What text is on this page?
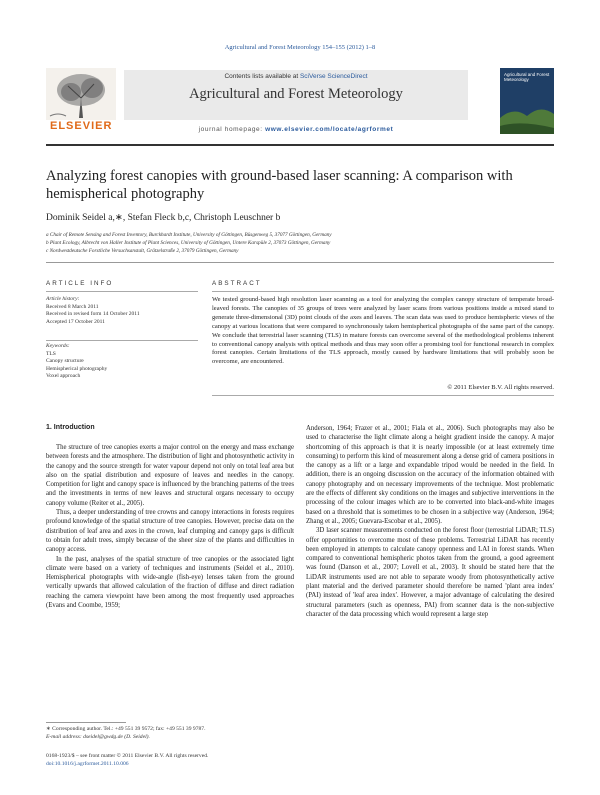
Agricultural and Forest Meteorology 154–155 (2012) 1–8
ELSEVIER
Contents lists available at SciVerse ScienceDirect
Agricultural and Forest Meteorology
journal homepage: www.elsevier.com/locate/agrformet
Agricultural and Forest Meteorology
Analyzing forest canopies with ground-based laser scanning: A comparison with hemispherical photography
Dominik Seidel a,∗, Stefan Fleck b,c, Christoph Leuschner b
a Chair of Remote Sensing and Forest Inventory, Burckhardt Institute, University of Göttingen, Büsgenweg 5, 37077 Göttingen, Germany
b Plant Ecology, Albrecht von Haller Institute of Plant Sciences, University of Göttingen, Untere Karspüle 2, 37073 Göttingen, Germany
c Nordwestdeutsche Forstliche Versuchsanstalt, Grätzelstraße 2, 37079 Göttingen, Germany
ARTICLE INFO
Article history:
Received 8 March 2011
Received in revised form 14 October 2011
Accepted 17 October 2011
Keywords:
TLS
Canopy structure
Hemispherical photography
Voxel approach
ABSTRACT
We tested ground-based high resolution laser scanning as a tool for analyzing the complex canopy structure of temperate broad-leaved forests. The canopies of 35 groups of trees were analyzed by laser scans from various positions inside a mixed stand to generate three-dimensional (3D) point clouds of the axes and leaves. The scan data was used to produce hemispheric views of the canopy at various locations that were compared to synchronously taken hemispherical photographs of the same part of the canopy. We conclude that terrestrial laser scanning (TLS) in mature forests can overcome several of the methodological problems inherent to conventional canopy analysis with optical methods and thus may soon offer a promising tool for functional research in complex forest canopies. Certain limitations of the TLS approach, mostly caused by hardware limitations that will probably soon be overcome, are encountered.
© 2011 Elsevier B.V. All rights reserved.
1. Introduction

The structure of tree canopies exerts a major control on the energy and mass exchange between forests and the atmosphere. The distribution of light and photosynthetic activity in the canopy and the source strength for water vapour depend not only on total leaf area but also on the spatial distribution and exposure of leaves and needles in the canopy. Competition for light and canopy space is influenced by the branching patterns of the trees and the investments in terms of new leaves and structural organs necessary to occupy canopy volume (Reiter et al., 2005).

Thus, a deeper understanding of tree crowns and canopy interactions in forests requires profound knowledge of the spatial structure of tree canopies. However, precise data on the distribution of leaf area and axes in the crown, leaf clumping and canopy gaps is difficult to obtain for adult trees, simply because of the sheer size of the plants and difficulties in canopy access.

In the past, analyses of the spatial structure of tree canopies or the associated light climate were based on a variety of techniques and instruments (Seidel et al., 2010). Hemispherical photographs with wide-angle (fish-eye) lenses taken from the ground vertically upwards that allowed calculation of the fraction of diffuse and direct radiation reaching the camera viewpoint have been among the most frequently used approaches (Evans and Coombe, 1959;

Anderson, 1964; Frazer et al., 2001; Fiala et al., 2006). Such photographs may also be used to characterise the light climate along a height gradient inside the canopy. A major shortcoming of this approach is that it is nearly impossible (or at least extremely time consuming) to perform this kind of measurement along a dense grid of camera positions in the canopy as a lift or a large and expandable tripod would be needed in the field. In addition, there is an ongoing discussion on the accuracy of the information obtained with canopy photography and on necessary improvements of the technique. Most problematic are the effects of different sky conditions on the images and subjective interventions in the processing of the colour images which are to be converted into black-and-white images based on a threshold that is sometimes to be chosen in a subjective way (Anderson, 1964; Zhang et al., 2005; Guevara-Escobar et al., 2005).

3D laser scanner measurements conducted on the forest floor (terrestrial LiDAR; TLS) offer opportunities to overcome most of these problems. Terrestrial LiDAR has recently been employed in attempts to calculate canopy openness and LAI in forest stands. When compared to conventional hemispheric photos taken from the ground, a good agreement was found (Danson et al., 2007; Lovell et al., 2003). It should be stated here that the LiDAR instruments used are not able to separate woody from photosynthetically active plant material and the derived parameter should therefore be named 'plant area index' (PAI) instead of 'leaf area index'. However, a major advantage of calculating the desired structural parameters (such as openness, PAI) from scanner data is the non-subjective character of the data processing which would represent a large step

∗ Corresponding author. Tel.: +49 551 39 9572; fax: +49 551 39 9787.
E-mail address: dseidel@gwdg.de (D. Seidel).
0168-1923/$ – see front matter © 2011 Elsevier B.V. All rights reserved.
doi:10.1016/j.agrformet.2011.10.006
